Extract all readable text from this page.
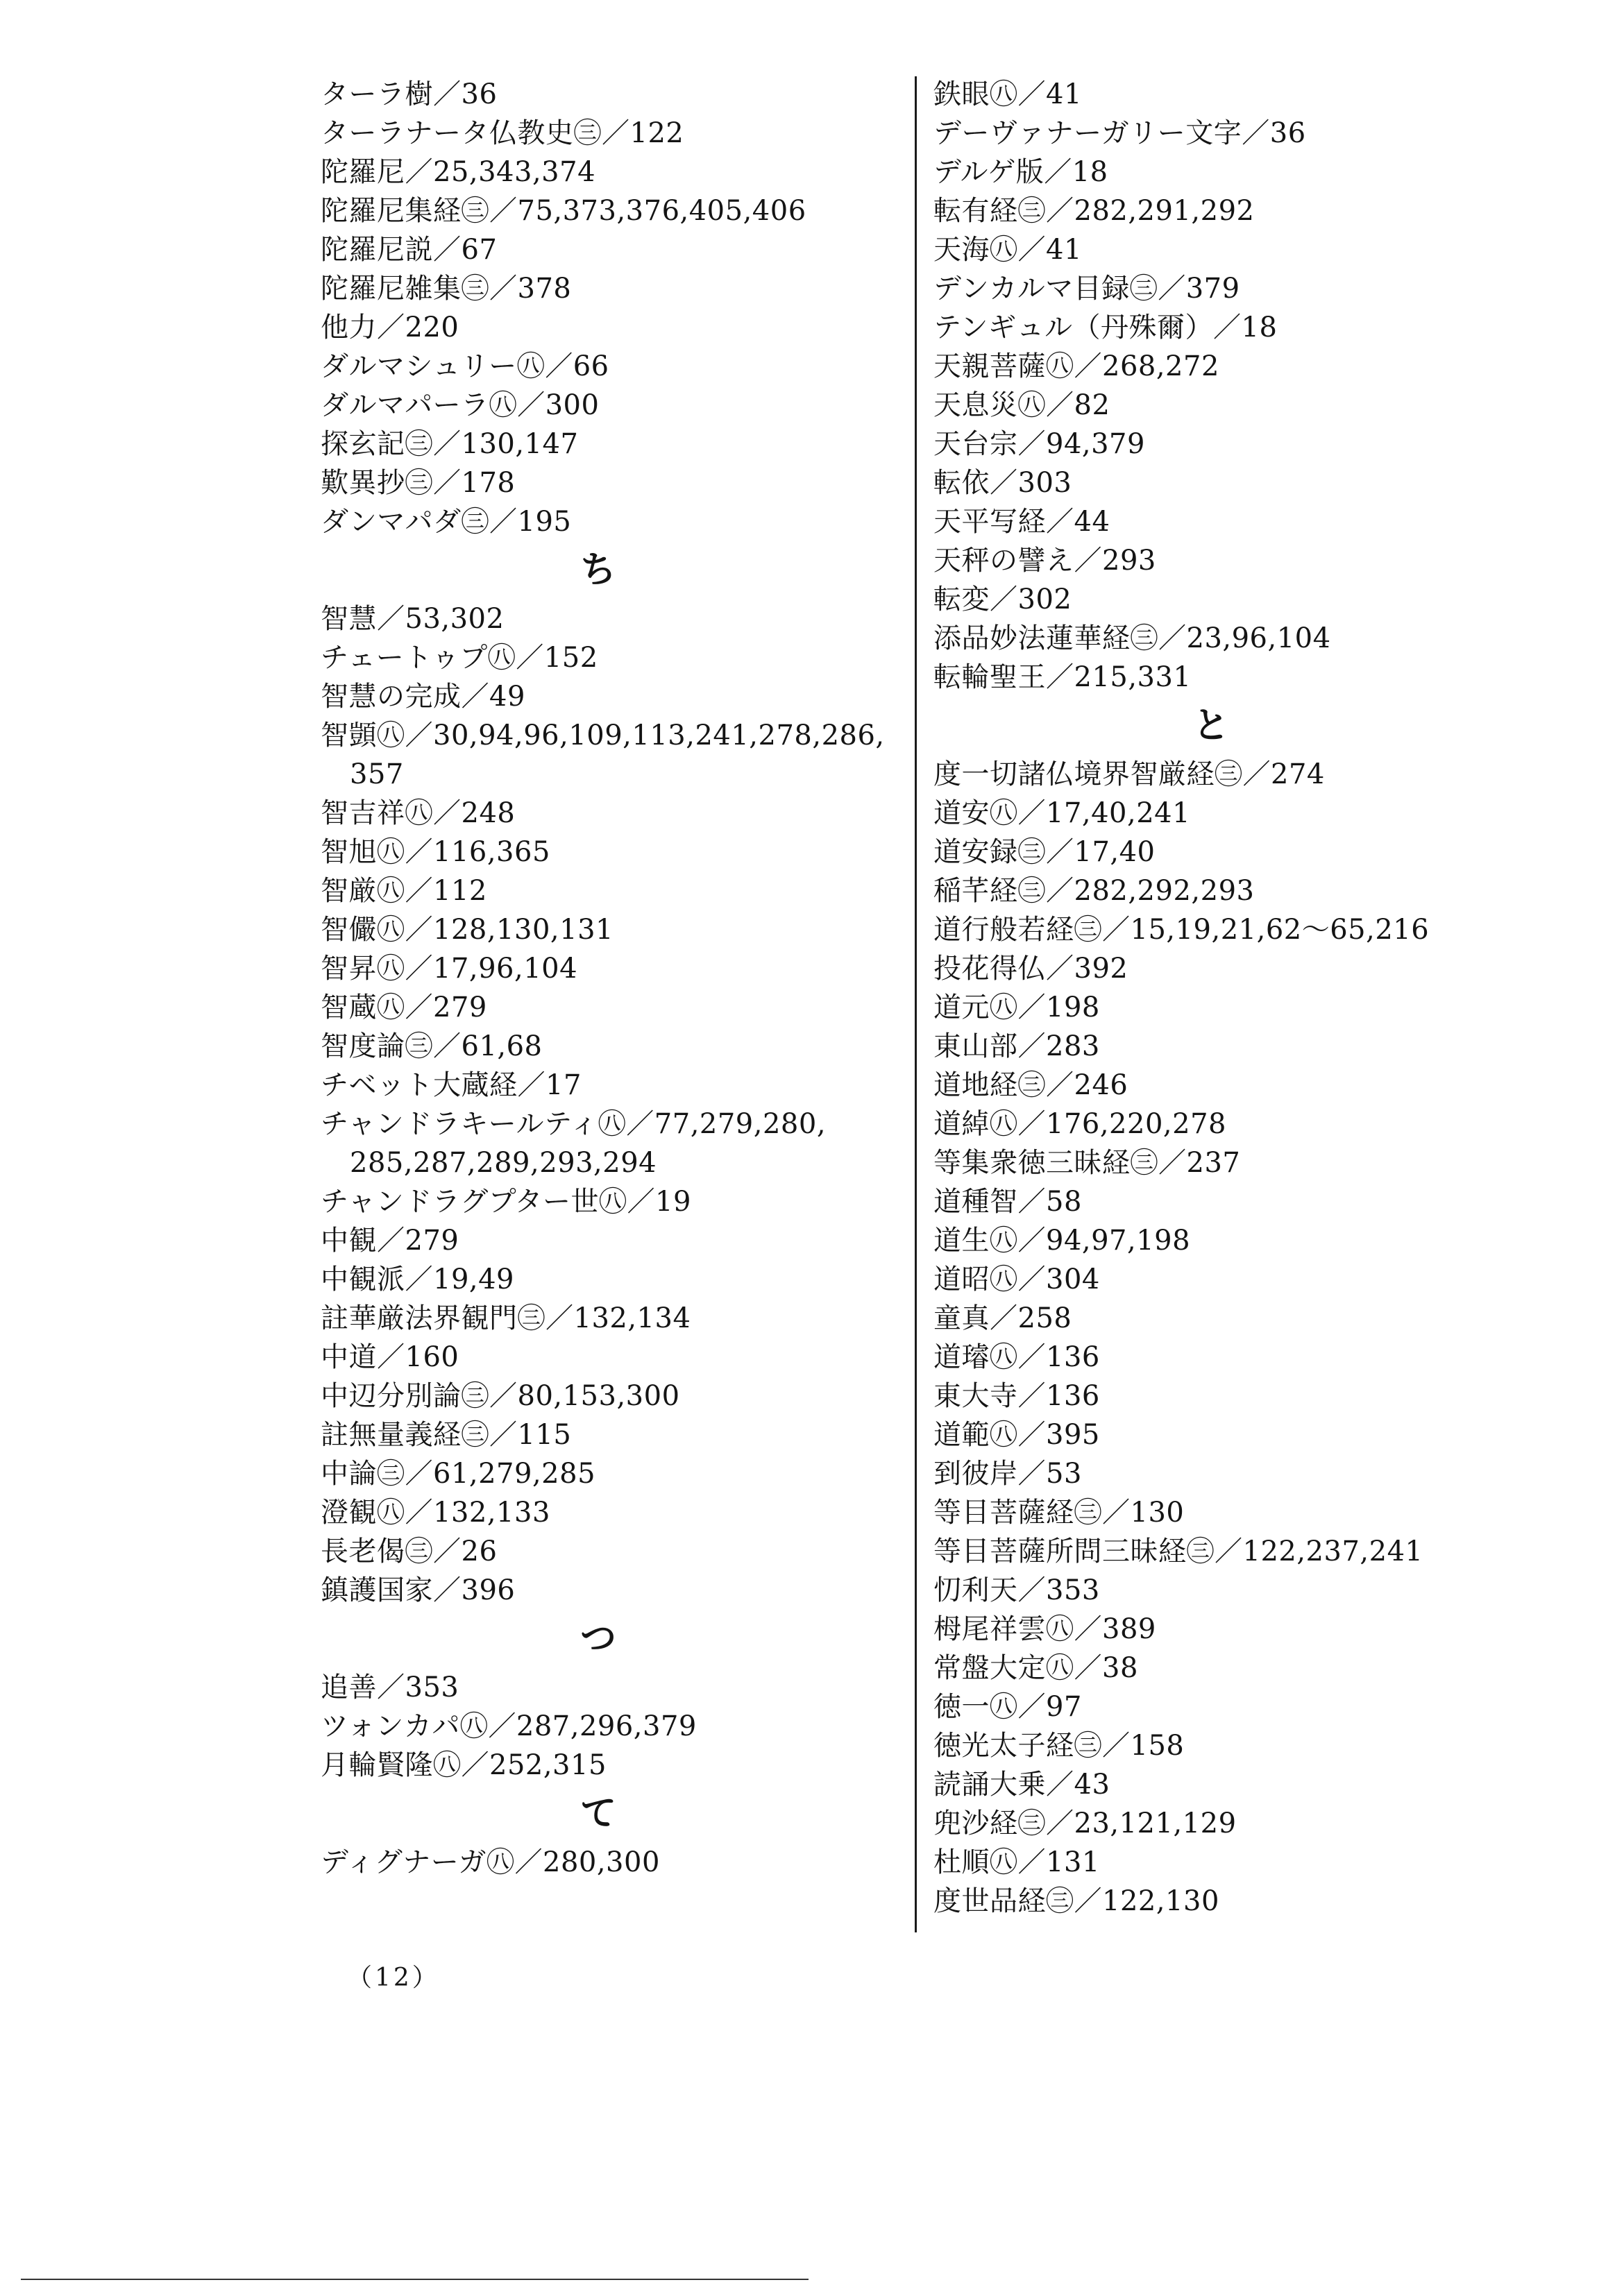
ターラ樹／36
ターラナータ仏教史㊂／122
陀羅尼／25,343,374
陀羅尼集経㊂／75,373,376,405,406
陀羅尼説／67
陀羅尼雑集㊂／378
他力／220
ダルマシュリー㊇／66
ダルマパーラ㊇／300
探玄記㊂／130,147
歎異抄㊂／178
ダンマパダ㊂／195
ち
智慧／53,302
チェートゥプ㊇／152
智慧の完成／49
智顗㊇／30,94,96,109,113,241,278,286,
357
智吉祥㊇／248
智旭㊇／116,365
智厳㊇／112
智儼㊇／128,130,131
智昇㊇／17,96,104
智蔵㊇／279
智度論㊂／61,68
チベット大蔵経／17
チャンドラキールティ㊇／77,279,280,
285,287,289,293,294
チャンドラグプター世㊇／19
中観／279
中観派／19,49
註華厳法界観門㊂／132,134
中道／160
中辺分別論㊂／80,153,300
註無量義経㊂／115
中論㊂／61,279,285
澄観㊇／132,133
長老偈㊂／26
鎮護国家／396
つ
追善／353
ツォンカパ㊇／287,296,379
月輪賢隆㊇／252,315
て
ディグナーガ㊇／280,300
鉄眼㊇／41
デーヴァナーガリー文字／36
デルゲ版／18
転有経㊂／282,291,292
天海㊇／41
デンカルマ目録㊂／379
テンギュル（丹殊爾）／18
天親菩薩㊇／268,272
天息災㊇／82
天台宗／94,379
転依／303
天平写経／44
天秤の譬え／293
転変／302
添品妙法蓮華経㊂／23,96,104
転輪聖王／215,331
と
度一切諸仏境界智厳経㊂／274
道安㊇／17,40,241
道安録㊂／17,40
稲芊経㊂／282,292,293
道行般若経㊂／15,19,21,62～65,216
投花得仏／392
道元㊇／198
東山部／283
道地経㊂／246
道綽㊇／176,220,278
等集衆徳三昧経㊂／237
道種智／58
道生㊇／94,97,198
道昭㊇／304
童真／258
道璿㊇／136
東大寺／136
道範㊇／395
到彼岸／53
等目菩薩経㊂／130
等目菩薩所問三昧経㊂／122,237,241
忉利天／353
栂尾祥雲㊇／389
常盤大定㊇／38
徳一㊇／97
徳光太子経㊂／158
読誦大乗／43
兜沙経㊂／23,121,129
杜順㊇／131
度世品経㊂／122,130
（12）
